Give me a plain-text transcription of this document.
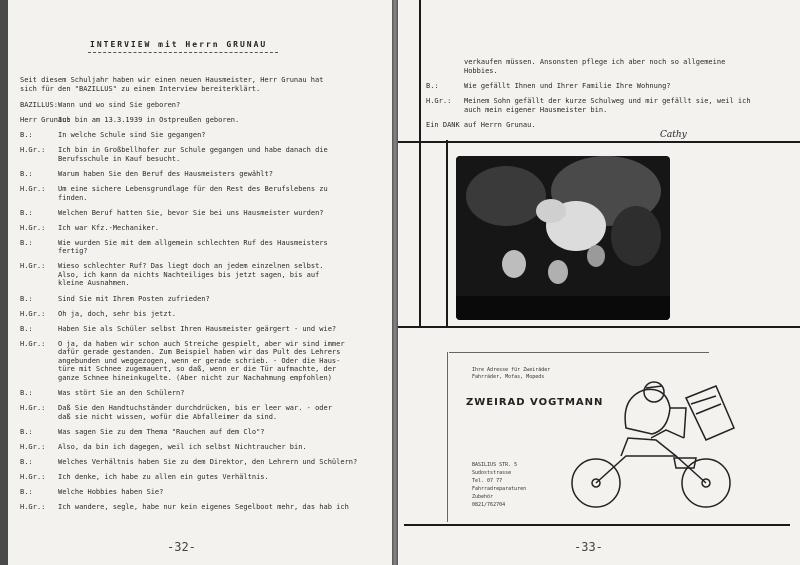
INTERVIEW mit Herrn GRUNAU
Seit diesem Schuljahr haben wir einen neuen Hausmeister, Herr Grunau hat
sich für den "BAZILLUS" zu einem Interview bereiterklärt.
BAZILLUS:Wann und wo sind Sie geboren?
Herr Grunau:Ich bin am 13.3.1939 in Ostpreußen geboren.
B.:	In welche Schule sind Sie gegangen?
H.Gr.: Ich bin in Großbellhofer zur Schule gegangen und habe danach die
Berufsschule in Kauf besucht.
B.:	Warum haben Sie den Beruf des Hausmeisters gewählt?
H.Gr.: Um eine sichere Lebensgrundlage für den Rest des Berufslebens zu
finden.
B.:	Welchen Beruf hatten Sie, bevor Sie bei uns Hausmeister wurden?
H.Gr.: Ich war Kfz.-Mechaniker.
B.:	Wie wurden Sie mit dem allgemein schlechten Ruf des Hausmeisters
fertig?
H.Gr.: Wieso schlechter Ruf? Das liegt doch an jedem einzelnen selbst.
Also, ich kann da nichts Nachteiliges bis jetzt sagen, bis auf
kleine Ausnahmen.
B.:	Sind Sie mit Ihrem Posten zufrieden?
H.Gr.: Oh ja, doch, sehr bis jetzt.
B.:	Haben Sie als Schüler selbst Ihren Hausmeister geärgert - und wie?
H.Gr.: O ja, da haben wir schon auch Streiche gespielt, aber wir sind immer
dafür gerade gestanden. Zum Beispiel haben wir das Pult des Lehrers
angebunden und weggezogen, wenn er gerade schrieb. - Oder die Haus-
türe mit Schnee zugemauert, so daß, wenn er die Tür aufmachte, der
ganze Schnee hineinkugelte. (Aber nicht zur Nachahmung empfohlen)
B.:	Was stört Sie an den Schülern?
H.Gr.: Daß Sie den Handtuchständer durchdrücken, bis er leer war. - oder
daß sie nicht wissen, wofür die Abfalleimer da sind.
B.:	Was sagen Sie zu dem Thema "Rauchen auf dem Clo"?
H.Gr.: Also, da bin ich dagegen, weil ich selbst Nichtraucher bin.
B.:	Welches Verhältnis haben Sie zu dem Direktor, den Lehrern und Schülern?
H.Gr.: Ich denke, ich habe zu allen ein gutes Verhältnis.
B.:	Welche Hobbies haben Sie?
H.Gr.: Ich wandere, segle, habe nur kein eigenes Segelboot mehr, das hab ich
-32-
verkaufen müssen. Ansonsten pflege ich aber noch so allgemeine
Hobbies.
B.:	Wie gefällt Ihnen und Ihrer Familie Ihre Wohnung?
H.Gr.: Meinem Sohn gefällt der kurze Schulweg und mir gefällt sie, weil ich
auch mein eigener Hausmeister bin.
Ein DANK auf Herrn Grunau.
Cathy
Ihre Adresse für Zweiräder
Fahrräder, Mofas, Mopeds
ZWEIRAD VOGTMANN
BASILIUS STR. 5
Sudoststrasse
Tel. 07 77
Fahrradreparaturen
Zubehör
0821/762704
-33-
